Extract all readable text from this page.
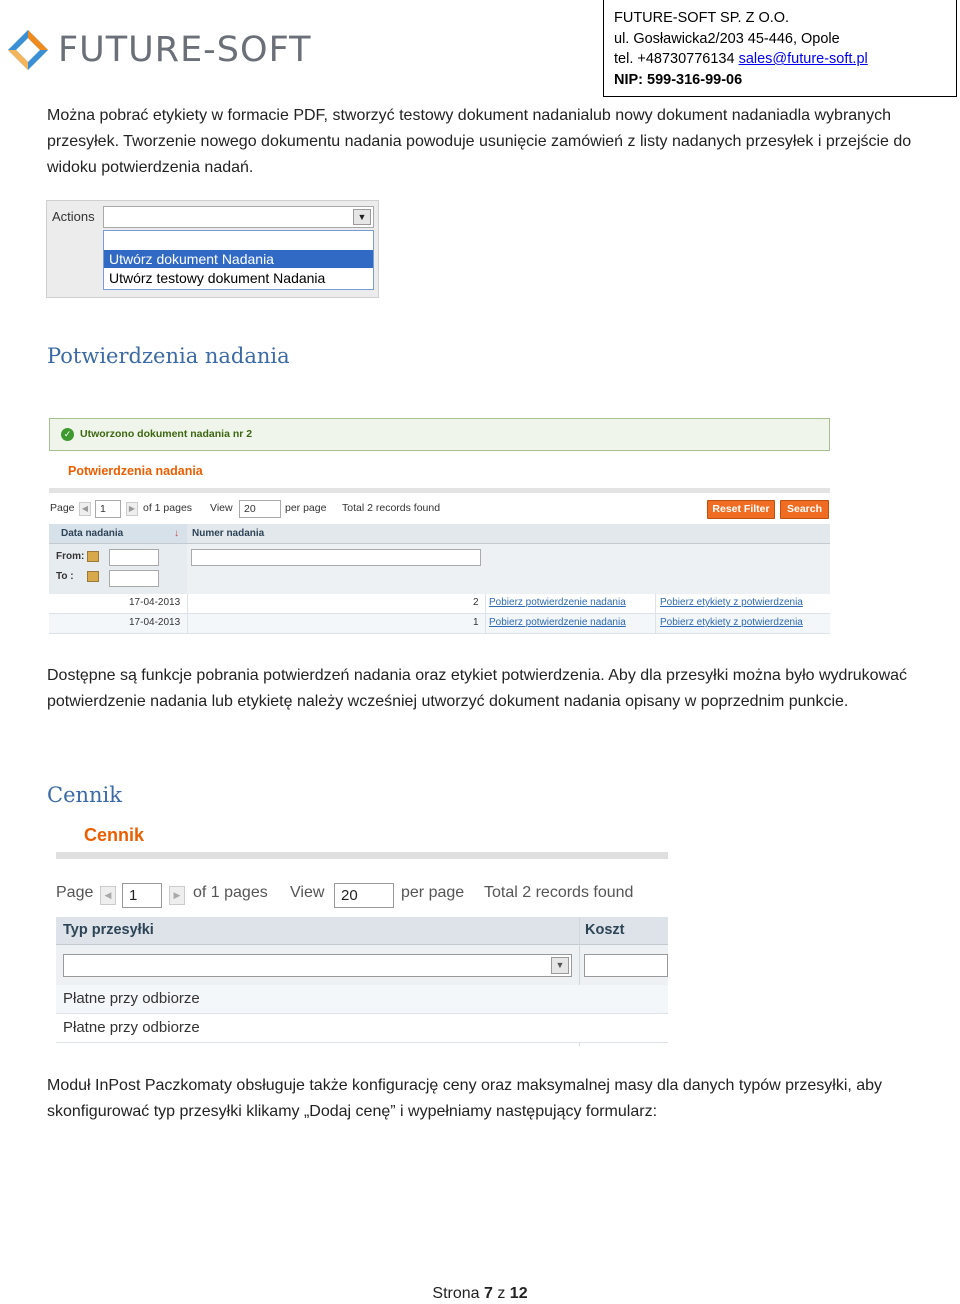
FUTURE-SOFT
FUTURE-SOFT SP. Z O.O.
ul. Gosławicka2/203 45-446, Opole
tel. +48730776134 sales@future-soft.pl
NIP: 599-316-99-06
Można pobrać etykiety w formacie PDF, stworzyć testowy dokument nadanialub nowy dokument nadaniadla wybranych przesyłek. Tworzenie nowego dokumentu nadania powoduje usunięcie zamówień z listy nadanych przesyłek i przejście do widoku potwierdzenia nadań.
Actions	▼
Utwórz dokument Nadania
Utwórz testowy dokument Nadania
Potwierdzenia nadania
✓ Utworzono dokument nadania nr 2
Potwierdzenia nadania
Page ◀	1	▶ of 1 pages View	20	per page Total 2 records found	Reset Filter	Search
Data nadania	↓ Numer nadania
From:
To :
17-04-2013	2 Pobierz potwierdzenie nadania	Pobierz etykiety z potwierdzenia
17-04-2013	1 Pobierz potwierdzenie nadania	Pobierz etykiety z potwierdzenia
Dostępne są funkcje pobrania potwierdzeń nadania oraz etykiet potwierdzenia. Aby dla przesyłki można było wydrukować potwierdzenie nadania lub etykietę należy wcześniej utworzyć dokument nadania opisany w poprzednim punkcie.
Cennik
Cennik
Page	◀	1	▶ of 1 pages View	20	per page Total 2 records found
Typ przesyłki	Koszt
▼
Płatne przy odbiorze
Płatne przy odbiorze
Moduł InPost Paczkomaty obsługuje także konfigurację ceny oraz maksymalnej masy dla danych typów przesyłki, aby skonfigurować typ przesyłki klikamy „Dodaj cenę” i wypełniamy następujący formularz:
Strona 7 z 12
